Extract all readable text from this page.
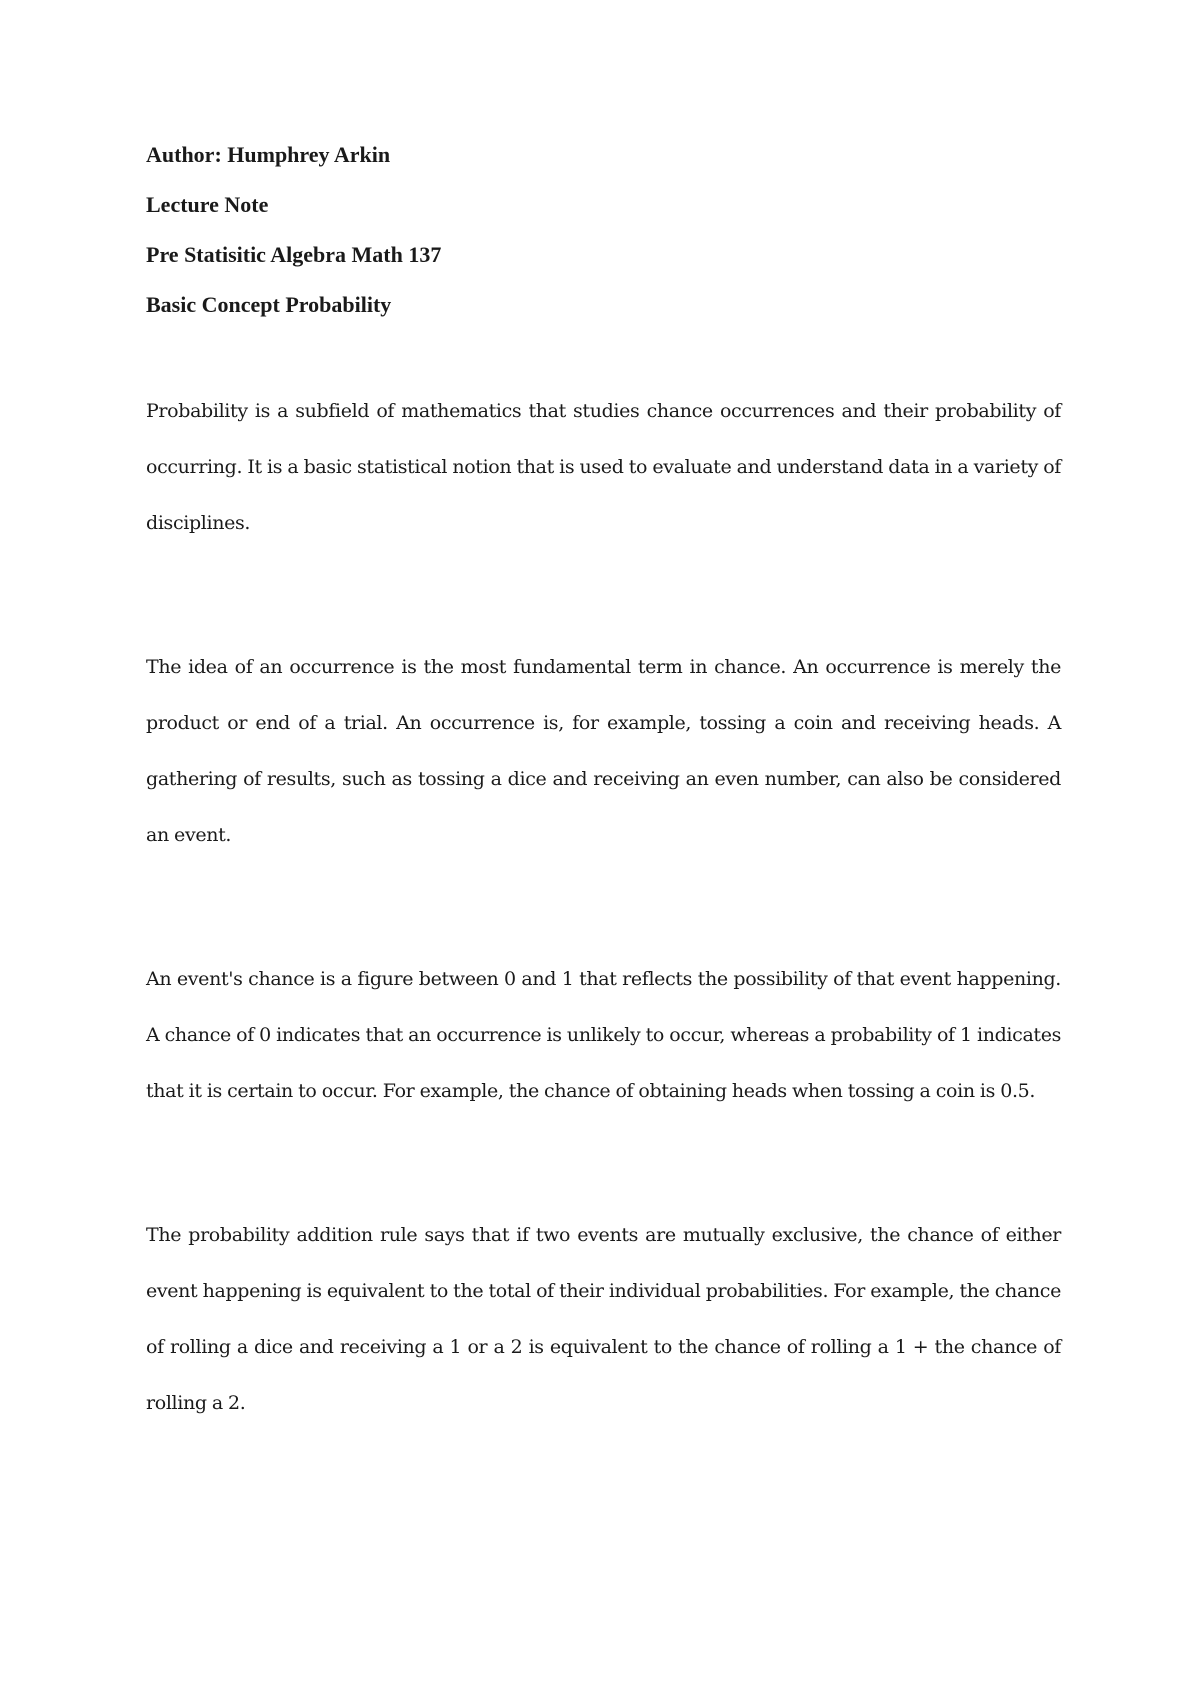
Author: Humphrey Arkin
Lecture Note
Pre Statisitic Algebra Math 137
Basic Concept Probability

Probability is a subfield of mathematics that studies chance occurrences and their probability of occurring. It is a basic statistical notion that is used to evaluate and understand data in a variety of disciplines.

The idea of an occurrence is the most fundamental term in chance. An occurrence is merely the product or end of a trial. An occurrence is, for example, tossing a coin and receiving heads. A gathering of results, such as tossing a dice and receiving an even number, can also be considered an event.

An event's chance is a figure between 0 and 1 that reflects the possibility of that event happening. A chance of 0 indicates that an occurrence is unlikely to occur, whereas a probability of 1 indicates that it is certain to occur. For example, the chance of obtaining heads when tossing a coin is 0.5.

The probability addition rule says that if two events are mutually exclusive, the chance of either event happening is equivalent to the total of their individual probabilities. For example, the chance of rolling a dice and receiving a 1 or a 2 is equivalent to the chance of rolling a 1 + the chance of rolling a 2.
